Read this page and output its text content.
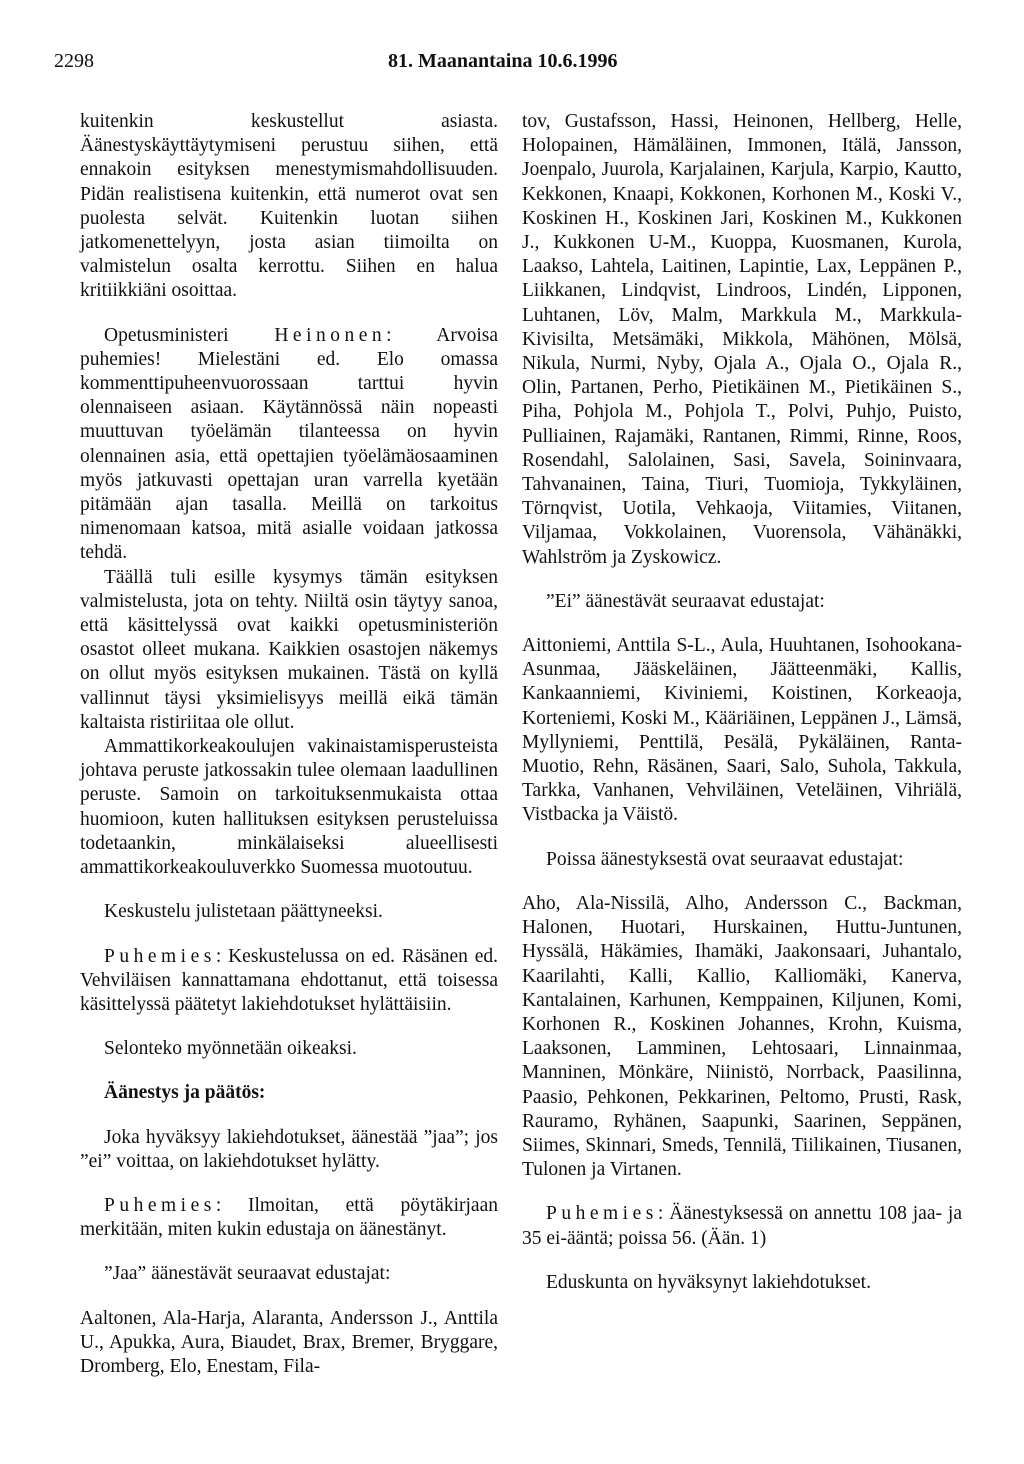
2298	81. Maanantaina 10.6.1996

kuitenkin keskustellut asiasta. Äänestyskäyttäytymiseni perustuu siihen, että ennakoin esityksen menestymismahdollisuuden. Pidän realistisena kuitenkin, että numerot ovat sen puolesta selvät. Kuitenkin luotan siihen jatkomenettelyyn, josta asian tiimoilta on valmistelun osalta kerrottu. Siihen en halua kritiikkiäni osoittaa.

Opetusministeri Heinonen: Arvoisa puhemies! Mielestäni ed. Elo omassa kommenttipuheenvuorossaan tarttui hyvin olennaiseen asiaan. Käytännössä näin nopeasti muuttuvan työelämän tilanteessa on hyvin olennainen asia, että opettajien työelämäosaaminen myös jatkuvasti opettajan uran varrella kyetään pitämään ajan tasalla. Meillä on tarkoitus nimenomaan katsoa, mitä asialle voidaan jatkossa tehdä.

Täällä tuli esille kysymys tämän esityksen valmistelusta, jota on tehty. Niiltä osin täytyy sanoa, että käsittelyssä ovat kaikki opetusministeriön osastot olleet mukana. Kaikkien osastojen näkemys on ollut myös esityksen mukainen. Tästä on kyllä vallinnut täysi yksimielisyys meillä eikä tämän kaltaista ristiriitaa ole ollut.

Ammattikorkeakoulujen vakinaistamisperusteista johtava peruste jatkossakin tulee olemaan laadullinen peruste. Samoin on tarkoituksenmukaista ottaa huomioon, kuten hallituksen esityksen perusteluissa todetaankin, minkälaiseksi alueellisesti ammattikorkeakouluverkko Suomessa muotoutuu.

Keskustelu julistetaan päättyneeksi.

Puhemies: Keskustelussa on ed. Räsänen ed. Vehviläisen kannattamana ehdottanut, että toisessa käsittelyssä päätetyt lakiehdotukset hylättäisiin.

Selonteko myönnetään oikeaksi.

Äänestys ja päätös:

Joka hyväksyy lakiehdotukset, äänestää ”jaa”; jos ”ei” voittaa, on lakiehdotukset hylätty.

Puhemies: Ilmoitan, että pöytäkirjaan merkitään, miten kukin edustaja on äänestänyt.

”Jaa” äänestävät seuraavat edustajat:

Aaltonen, Ala-Harja, Alaranta, Andersson J., Anttila U., Apukka, Aura, Biaudet, Brax, Bremer, Bryggare, Dromberg, Elo, Enestam, Fila-

tov, Gustafsson, Hassi, Heinonen, Hellberg, Helle, Holopainen, Hämäläinen, Immonen, Itälä, Jansson, Joenpalo, Juurola, Karjalainen, Karjula, Karpio, Kautto, Kekkonen, Knaapi, Kokkonen, Korhonen M., Koski V., Koskinen H., Koskinen Jari, Koskinen M., Kukkonen J., Kukkonen U-M., Kuoppa, Kuosmanen, Kurola, Laakso, Lahtela, Laitinen, Lapintie, Lax, Leppänen P., Liikkanen, Lindqvist, Lindroos, Lindén, Lipponen, Luhtanen, Löv, Malm, Markkula M., Markkula-Kivisilta, Metsämäki, Mikkola, Mähönen, Mölsä, Nikula, Nurmi, Nyby, Ojala A., Ojala O., Ojala R., Olin, Partanen, Perho, Pietikäinen M., Pietikäinen S., Piha, Pohjola M., Pohjola T., Polvi, Puhjo, Puisto, Pulliainen, Rajamäki, Rantanen, Rimmi, Rinne, Roos, Rosendahl, Salolainen, Sasi, Savela, Soininvaara, Tahvanainen, Taina, Tiuri, Tuomioja, Tykkyläinen, Törnqvist, Uotila, Vehkaoja, Viitamies, Viitanen, Viljamaa, Vokkolainen, Vuorensola, Vähänäkki, Wahlström ja Zyskowicz.

”Ei” äänestävät seuraavat edustajat:

Aittoniemi, Anttila S-L., Aula, Huuhtanen, Isohookana-Asunmaa, Jääskeläinen, Jäätteenmäki, Kallis, Kankaanniemi, Kiviniemi, Koistinen, Korkeaoja, Korteniemi, Koski M., Kääriäinen, Leppänen J., Lämsä, Myllyniemi, Penttilä, Pesälä, Pykäläinen, Ranta-Muotio, Rehn, Räsänen, Saari, Salo, Suhola, Takkula, Tarkka, Vanhanen, Vehviläinen, Veteläinen, Vihriälä, Vistbacka ja Väistö.

Poissa äänestyksestä ovat seuraavat edustajat:

Aho, Ala-Nissilä, Alho, Andersson C., Backman, Halonen, Huotari, Hurskainen, Huttu-Juntunen, Hyssälä, Häkämies, Ihamäki, Jaakonsaari, Juhantalo, Kaarilahti, Kalli, Kallio, Kalliomäki, Kanerva, Kantalainen, Karhunen, Kemppainen, Kiljunen, Komi, Korhonen R., Koskinen Johannes, Krohn, Kuisma, Laaksonen, Lamminen, Lehtosaari, Linnainmaa, Manninen, Mönkäre, Niinistö, Norrback, Paasilinna, Paasio, Pehkonen, Pekkarinen, Peltomo, Prusti, Rask, Rauramo, Ryhänen, Saapunki, Saarinen, Seppänen, Siimes, Skinnari, Smeds, Tennilä, Tiilikainen, Tiusanen, Tulonen ja Virtanen.

Puhemies: Äänestyksessä on annettu 108 jaa- ja 35 ei-ääntä; poissa 56. (Ään. 1)

Eduskunta on hyväksynyt lakiehdotukset.
